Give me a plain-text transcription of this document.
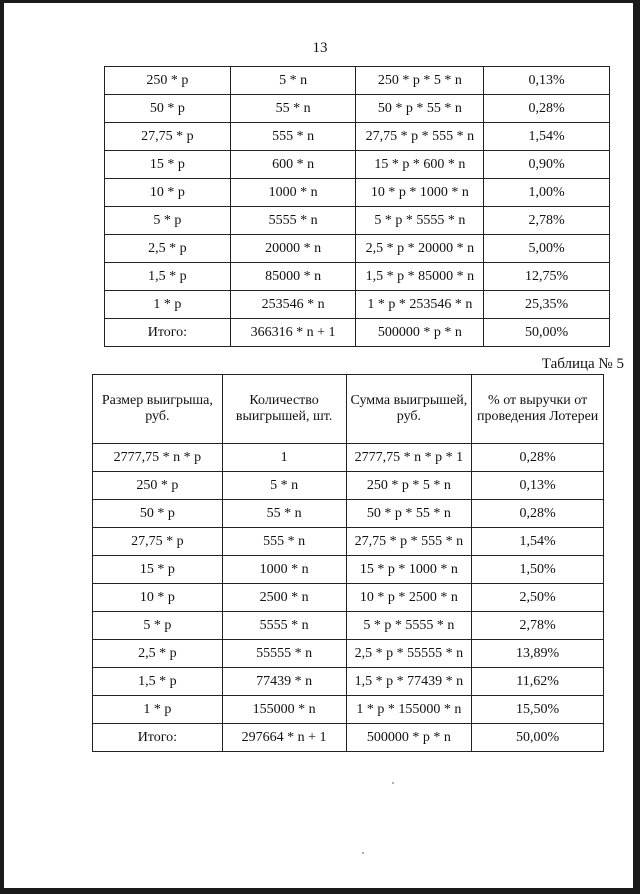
13
250 * р	5 * n	250 * р * 5 * n	0,13%
50 * р	55 * n	50 * р * 55 * n	0,28%
27,75 * р	555 * n	27,75 * р * 555 * n	1,54%
15 * р	600 * n	15 * р * 600 * n	0,90%
10 * р	1000 * n	10 * р * 1000 * n	1,00%
5 * р	5555 * n	5 * р * 5555 * n	2,78%
2,5 * р	20000 * n	2,5 * р * 20000 * n	5,00%
1,5 * р	85000 * n	1,5 * р * 85000 * n	12,75%
1 * р	253546 * n	1 * р * 253546 * n	25,35%
Итого:	366316 * n + 1	500000 * р * n	50,00%
Таблица № 5
Размер выигрыша, руб.	Количество выигрышей, шт.	Сумма выигрышей, руб.	% от выручки от проведения Лотереи
2777,75 * n * р	1	2777,75 * n * р * 1	0,28%
250 * р	5 * n	250 * р * 5 * n	0,13%
50 * р	55 * n	50 * р * 55 * n	0,28%
27,75 * р	555 * n	27,75 * р * 555 * n	1,54%
15 * р	1000 * n	15 * р * 1000 * n	1,50%
10 * р	2500 * n	10 * р * 2500 * n	2,50%
5 * р	5555 * n	5 * р * 5555 * n	2,78%
2,5 * р	55555 * n	2,5 * р * 55555 * n	13,89%
1,5 * р	77439 * n	1,5 * р * 77439 * n	11,62%
1 * р	155000 * n	1 * р * 155000 * n	15,50%
Итого:	297664 * n + 1	500000 * р * n	50,00%
